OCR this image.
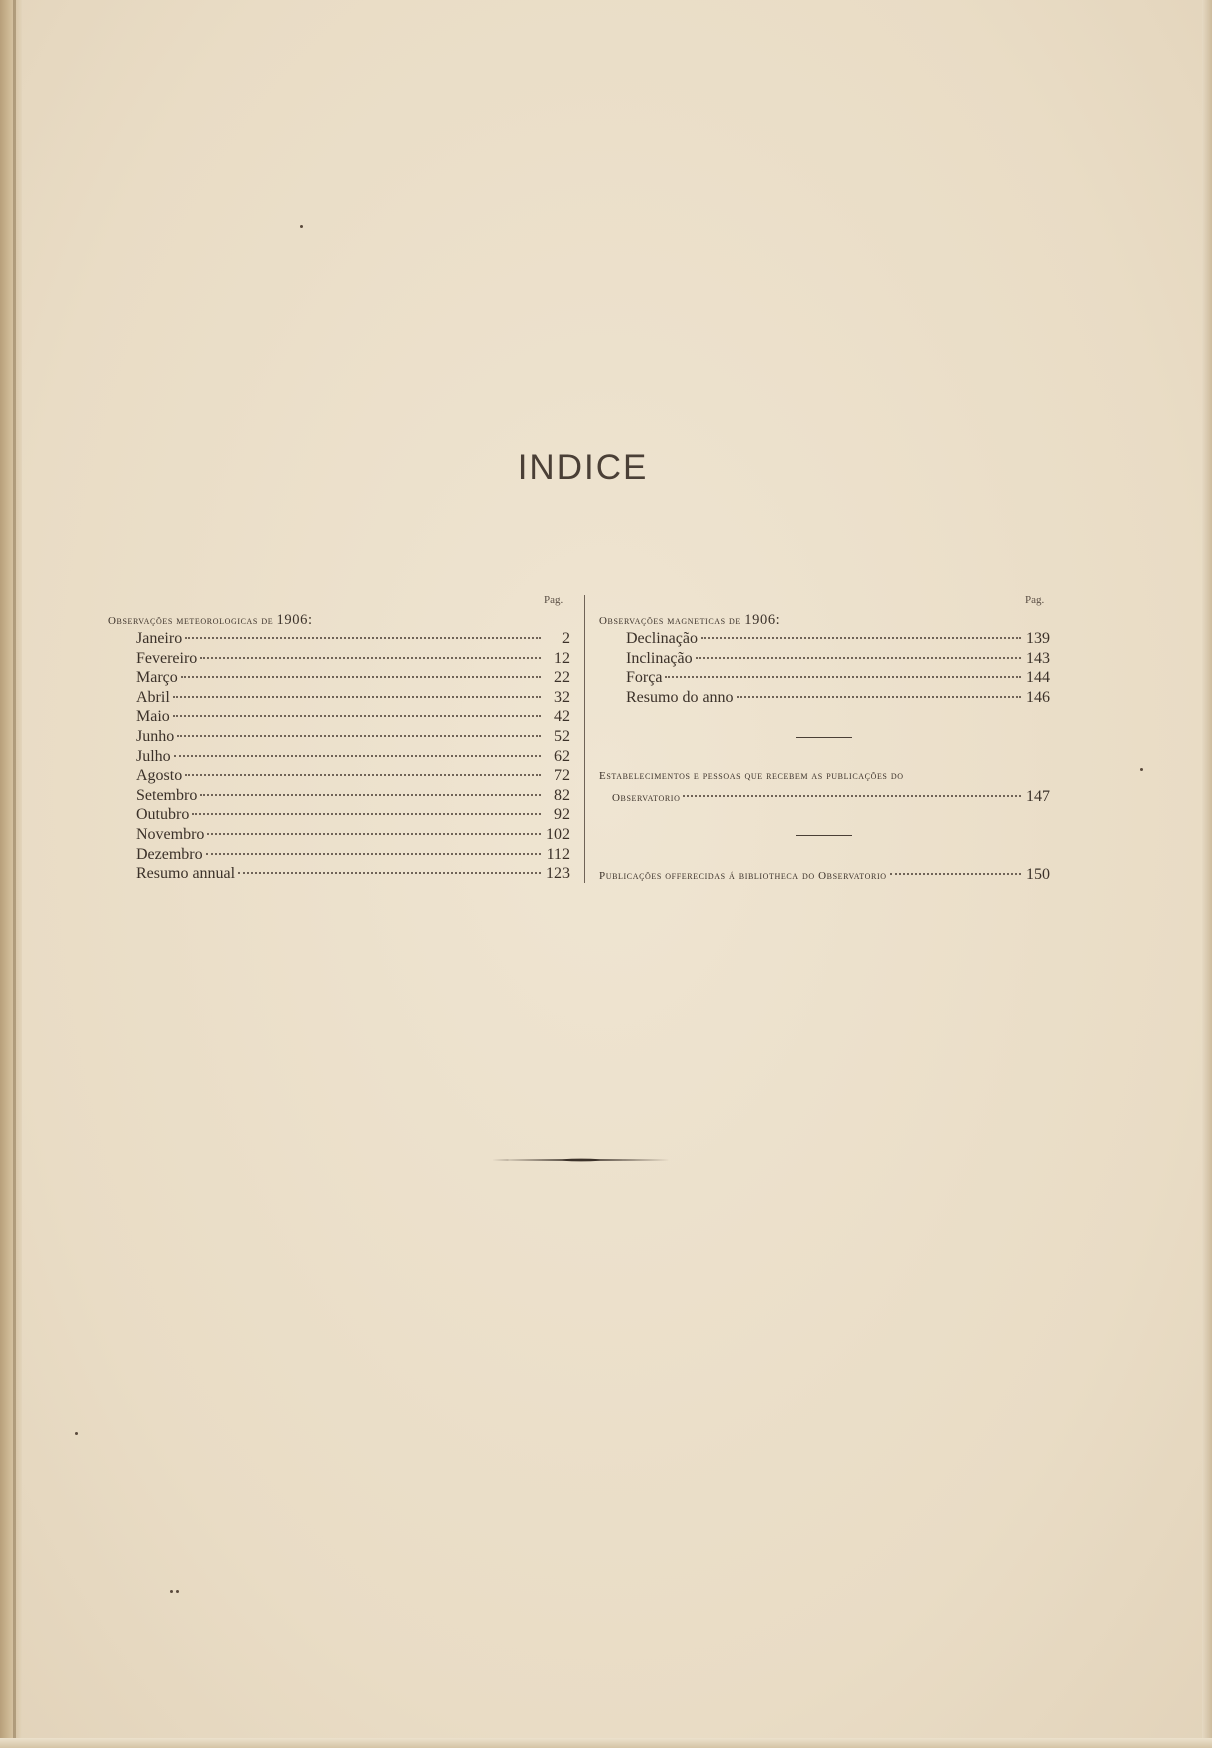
INDICE
Pag.
Observações meteorologicas de 1906:
Janeiro	2
Fevereiro	12
Março	22
Abril	32
Maio	42
Junho	52
Julho	62
Agosto	72
Setembro	82
Outubro	92
Novembro	102
Dezembro	112
Resumo annual	123
Pag.
Observações magneticas de 1906:
Declinação	139
Inclinação	143
Força	144
Resumo do anno	146
Estabelecimentos e pessoas que recebem as publicações do
Observatorio	147
Publicações offerecidas á bibliotheca do Observatorio	150
